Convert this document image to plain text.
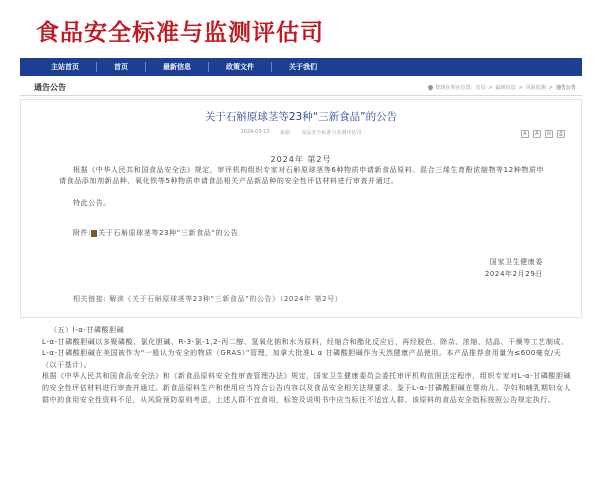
食品安全标准与监测评估司
主站首页	首页	最新信息	政策文件	关于我们
通告公告	您现在所在位置: 首页 > 最新信息 > 风险监测 > 通告公告
关于石斛原球茎等23种“三新食品”的公告
2024-03-13 来源: 食品安全标准与监测评估司	A	A	✉	⎙
2024年 第2号
根据《中华人民共和国食品安全法》规定，审评机构组织专家对石斛原球茎等6种物质申请新食品原料、混合三烯生育酚浓缩物等12种物质申请食品添加剂新品种、氧化铁等5种物质申请食品相关产品新品种的安全性评估材料进行审查并通过。
特此公告。
附件: 关于石斛原球茎等23种“三新食品”的公告
国家卫生健康委
2024年2月29日
相关链接: 解读《关于石斛原球茎等23种“三新食品”的公告》（2024年 第2号）

（五）l-α-甘磷酸胆碱

L-α-甘磷酸胆碱以多聚磷酸、氯化胆碱、R-3-氯-1,2-丙二醇、氢氧化钠和水为原料，经缩合和酯化反应后，再经脱色、除杂、浓缩、结晶、干燥等工艺制成。L-α-甘磷酸胆碱在美国被作为“一般认为安全的物质（GRAS）”管理，加拿大批准L α 甘磷酸胆碱作为天然健康产品使用。本产品推荐食用量为≤600毫克/天（以干基计）。

根据《中华人民共和国食品安全法》和《新食品原料安全性审查管理办法》规定，国家卫生健康委员会委托审评机构依照法定程序，组织专家对L-α-甘磷酸胆碱的安全性评估材料进行审查并通过。新食品原料生产和使用应当符合公告内容以及食品安全相关法规要求。鉴于L-α-甘磷酸胆碱在婴幼儿、孕妇和哺乳期妇女人群中的食用安全性资料不足，从风险预防原则考虑，上述人群不宜食用，标签及说明书中应当标注不适宜人群、该原料的食品安全指标按照公告规定执行。
